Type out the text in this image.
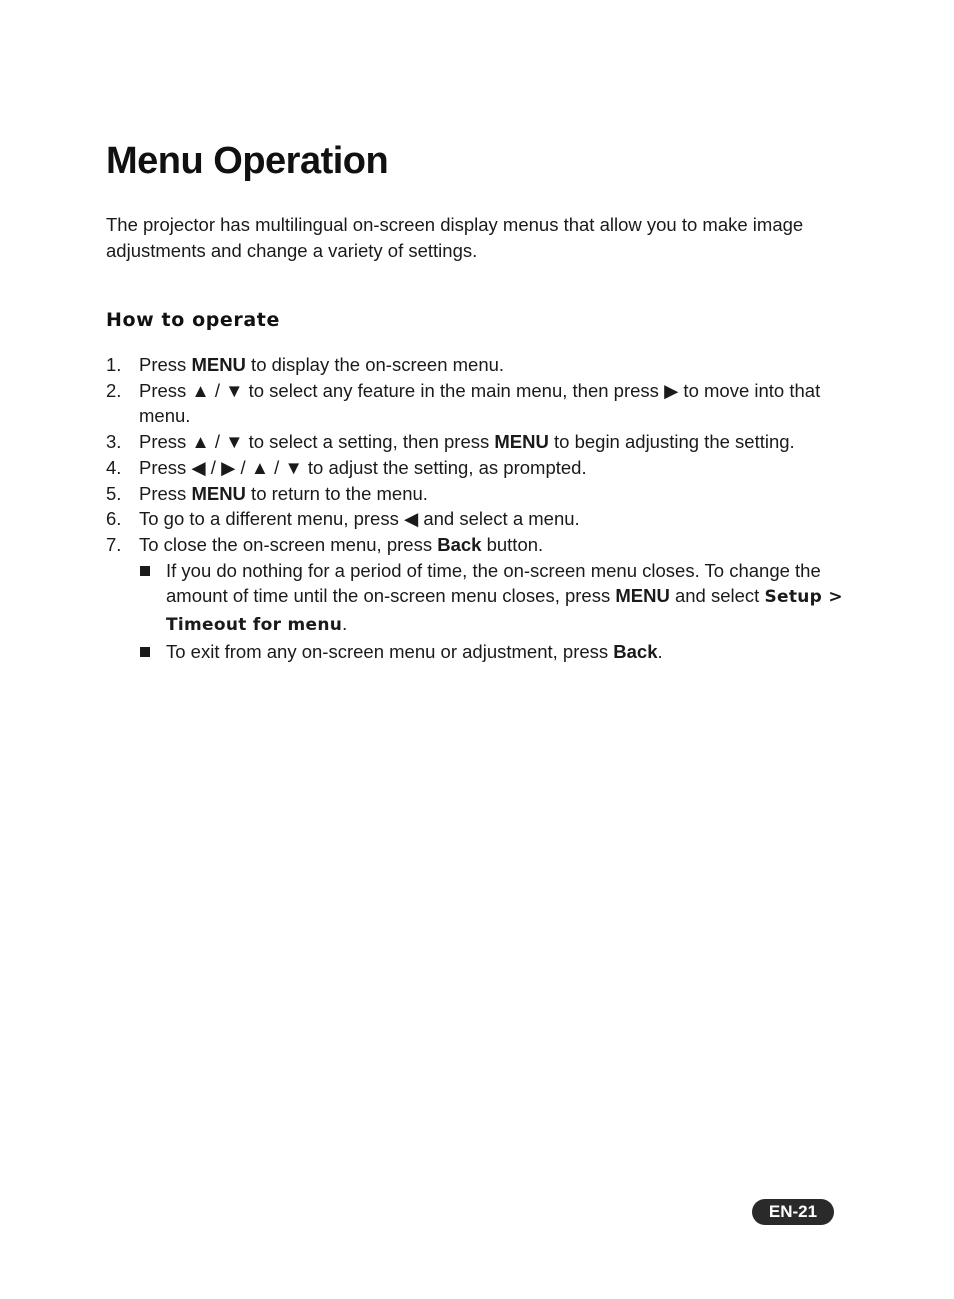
Menu Operation

The projector has multilingual on-screen display menus that allow you to make image adjustments and change a variety of settings.

How to operate
1. Press MENU to display the on-screen menu.
2. Press ▲ / ▼ to select any feature in the main menu, then press ▶ to move into that menu.
3. Press ▲ / ▼ to select a setting, then press MENU to begin adjusting the setting.
4. Press ◀ / ▶ / ▲ / ▼ to adjust the setting, as prompted.
5. Press MENU to return to the menu.
6. To go to a different menu, press ◀ and select a menu.
7. To close the on-screen menu, press Back button.
If you do nothing for a period of time, the on-screen menu closes. To change the amount of time until the on-screen menu closes, press MENU and select Setup > Timeout for menu.
To exit from any on-screen menu or adjustment, press Back.
EN-21
